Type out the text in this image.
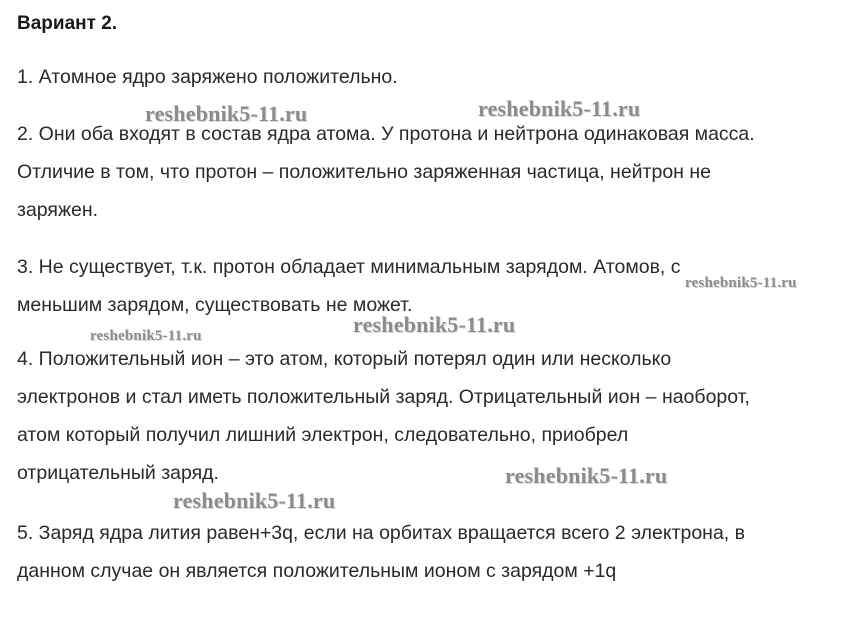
Вариант 2.
1. Атомное ядро заряжено положительно.
2. Они оба входят в состав ядра атома. У протона и нейтрона одинаковая масса.
Отличие в том, что протон – положительно заряженная частица, нейтрон не
заряжен.
3. Не существует, т.к. протон обладает минимальным зарядом. Атомов, с
меньшим зарядом, существовать не может.
4. Положительный ион – это атом, который потерял один или несколько
электронов и стал иметь положительный заряд. Отрицательный ион – наоборот,
атом который получил лишний электрон, следовательно, приобрел
отрицательный заряд.
5. Заряд ядра лития равен+3q, если на орбитах вращается всего 2 электрона, в
данном случае он является положительным ионом с зарядом +1q
reshebnik5-11.ru	reshebnik5-11.ru
reshebnik5-11.ru
reshebnik5-11.ru
reshebnik5-11.ru
reshebnik5-11.ru
reshebnik5-11.ru
